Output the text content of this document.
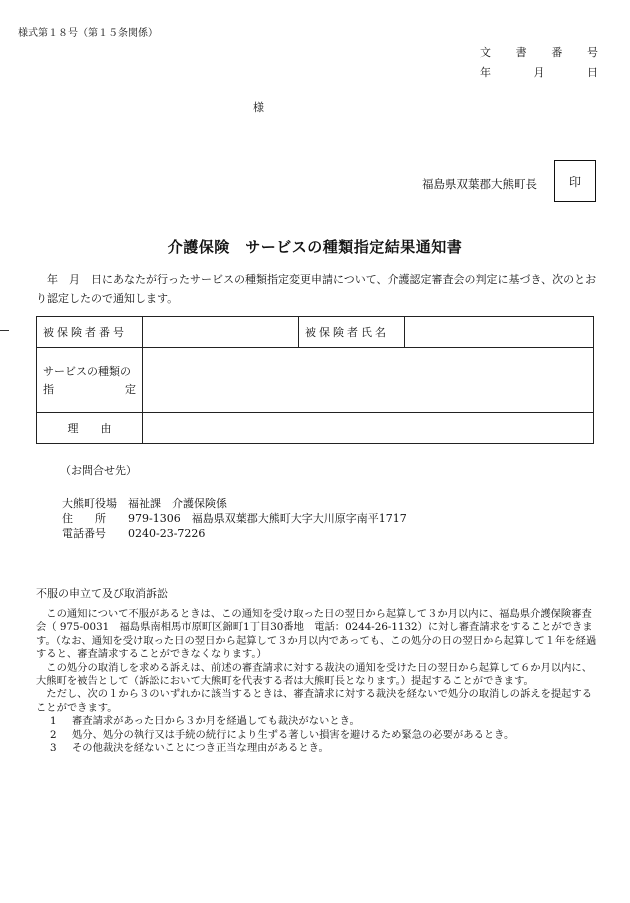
様式第１８号（第１５条関係）
文 書 番 号
年	月	日
様
福島県双葉郡大熊町長	印
介護保険　サービスの種類指定結果通知書
　年　月　日にあなたが行ったサービスの種類指定変更申請について、介護認定審査会の判定に基づき、次のとおり認定したので通知します。
被保険者番号		被保険者氏名	

サービスの種類の
指 定			

理　　由			
（お問合せ先）
大熊町役場　福祉課　介護保険係
住　　所 979-1306　福島県双葉郡大熊町大字大川原字南平1717
電話番号 0240-23-7226
不服の申立て及び取消訴訟

この通知について不服があるときは、この通知を受け取った日の翌日から起算して３か月以内に、福島県介護保険審査会（ 975-0031　福島県南相馬市原町区錦町1丁目30番地　電話：0244-26-1132）に対し審査請求をすることができます。（なお、通知を受け取った日の翌日から起算して３か月以内であっても、この処分の日の翌日から起算して１年を経過すると、審査請求することができなくなります。）

この処分の取消しを求める訴えは、前述の審査請求に対する裁決の通知を受けた日の翌日から起算して６か月以内に、大熊町を被告として（訴訟において大熊町を代表する者は大熊町長となります。）提起することができます。

ただし、次の１から３のいずれかに該当するときは、審査請求に対する裁決を経ないで処分の取消しの訴えを提起することができます。

1 審査請求があった日から３か月を経過しても裁決がないとき。

2 処分、処分の執行又は手続の続行により生ずる著しい損害を避けるため緊急の必要があるとき。

3 その他裁決を経ないことにつき正当な理由があるとき。
